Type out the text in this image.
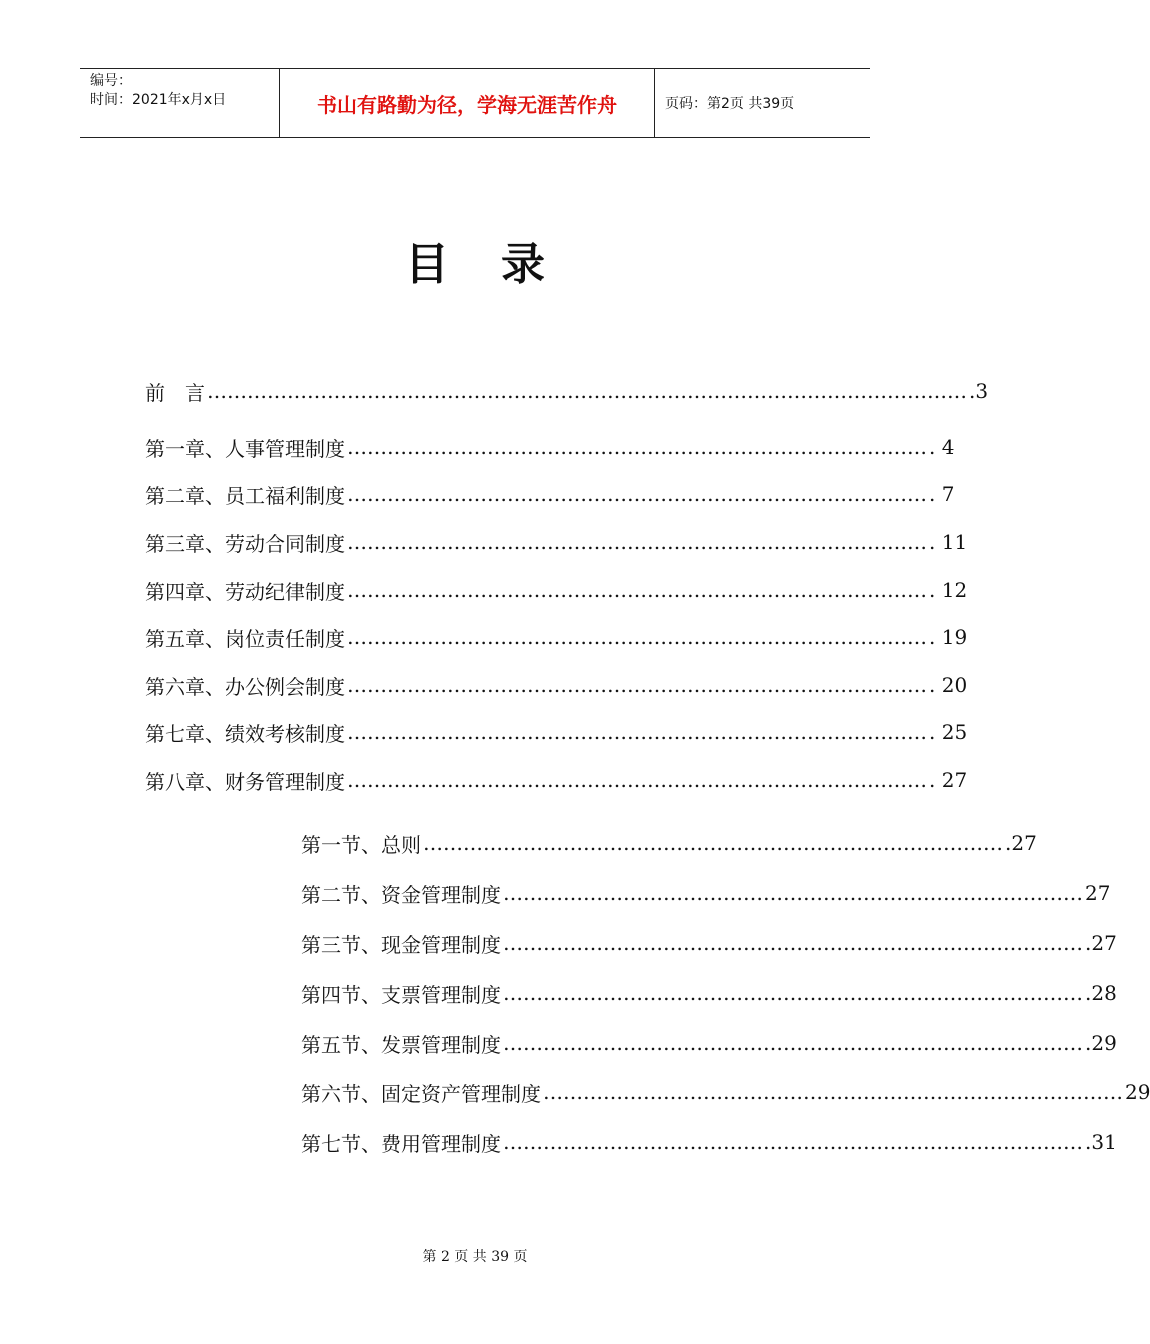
编号：
时间：2021年x月x日	书山有路勤为径，学海无涯苦作舟	页码：第2页 共39页
目 录
前　言 …………………………………………………………………………………………………… .3
第一章、 人事管理制度 …………………………………………………………………………… . 4
第二章、 员工福利制度 …………………………………………………………………………… . 7
第三章、 劳动合同制度 …………………………………………………………………………… . 11
第四章、 劳动纪律制度 …………………………………………………………………………… . 12
第五章、 岗位责任制度 …………………………………………………………………………… . 19
第六章、 办公例会制度 …………………………………………………………………………… . 20
第七章、 绩效考核制度 …………………………………………………………………………… . 25
第八章、 财务管理制度 …………………………………………………………………………… . 27
第一节、总则 …………………………………………………………………………… .27
第二节、资金管理制度 …………………………………………………………………………… 27
第三节、现金管理制度 …………………………………………………………………………… .27
第四节、支票管理制度 …………………………………………………………………………… .28
第五节、发票管理制度 …………………………………………………………………………… .29
第六节、固定资产管理制度 …………………………………………………………………………… 29
第七节、费用管理制度 …………………………………………………………………………… .31
第 2 页 共 39 页
